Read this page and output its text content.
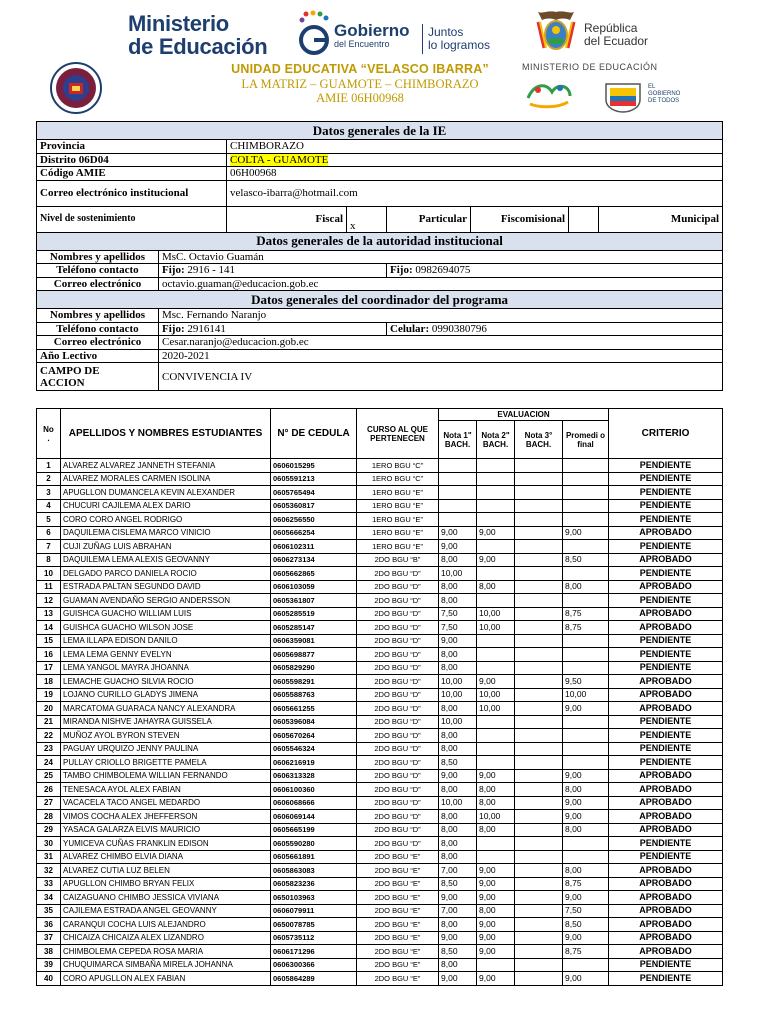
Ministerio
de Educación
Gobierno
del Encuentro
Juntos
lo logramos
República
del Ecuador
MINISTERIO DE EDUCACIÓN
UNIDAD EDUCATIVA “VELASCO IBARRA”
LA MATRIZ – GUAMOTE – CHIMBORAZO
AMIE 06H00968
EL
GOBIERNO
DE TODOS
Datos generales de la IE							
Provincia		CHIMBORAZO					
Distrito 06D04		COLTA - GUAMOTE					
Código AMIE		06H00968					
Correo electrónico institucional		velasco-ibarra@hotmail.com					
Nivel de sostenimiento		Fiscal	x	Particular	Fiscomisional		Municipal
Datos generales de la autoridad institucional							
Nombres y apellidos	MsC. Octavio Guamán						
Teléfono contacto	Fijo: 2916 - 141			Fijo: 0982694075			
Correo electrónico	octavio.guaman@educacion.gob.ec						
Datos generales del coordinador del programa							
Nombres y apellidos	Msc. Fernando Naranjo						
Teléfono contacto	Fijo: 2916141			Celular: 0990380796			
Correo electrónico	Cesar.naranjo@educacion.gob.ec						
Año Lectivo	2020-2021						

CAMPO DE
ACCION	CONVIVENCIA IV						
No
.	APELLIDOS Y NOMBRES ESTUDIANTES	N° DE CEDULA	CURSO AL QUE PERTENECEN	EVALUACION				CRITERIO
				Nota 1" BACH.	Nota 2" BACH.	Nota 3° BACH.	Promedi o final	
1	ALVAREZ ALVAREZ JANNETH STEFANIA	0606015295	1ERO BGU “C”					PENDIENTE
2	ALVAREZ MORALES CARMEN ISOLINA	0605591213	1ERO BGU “C”					PENDIENTE
3	APUGLLON DUMANCELA KEVIN ALEXANDER	0605765494	1ERO BGU “E”					PENDIENTE
4	CHUCURI CAJILEMA ALEX DARIO	0605360817	1ERO BGU “E”					PENDIENTE
5	CORO CORO ANGEL RODRIGO	0606256550	1ERO BGU “E”					PENDIENTE
6	DAQUILEMA CISLEMA MARCO VINICIO	0605666254	1ERO BGU “E”	9,00	9,00		9,00	APROBADO
7	CUJI ZUÑAG LUIS ABRAHAN	0606102311	1ERO BGU “E”	9,00				PENDIENTE
8	DAQUILEMA LEMA ALEXIS GEOVANNY	0606273134	2DO BGU “B”	8,00	9,00		8,50	APROBADO
10	DELGADO PARCO DANIELA ROCIO	0605662865	2DO BGU “D”	10,00				PENDIENTE
11	ESTRADA PALTAN SEGUNDO DAVID	0606103059	2DO BGU “D”	8,00	8,00		8,00	APROBADO
12	GUAMAN AVENDAÑO SERGIO ANDERSSON	0605361807	2DO BGU “D”	8,00				PENDIENTE
13	GUISHCA GUACHO WILLIAM LUIS	0605285519	2DO BGU “D”	7,50	10,00		8,75	APROBADO
14	GUISHCA GUACHO WILSON JOSE	0605285147	2DO BGU “D”	7,50	10,00		8,75	APROBADO
15	LEMA ILLAPA EDISON DANILO	0606359081	2DO BGU “D”	9,00				PENDIENTE
16	LEMA LEMA GENNY EVELYN	0605698877	2DO BGU “D”	8,00				PENDIENTE
17	LEMA YANGOL MAYRA JHOANNA	0605829290	2DO BGU “D”	8,00				PENDIENTE
18	LEMACHE GUACHO SILVIA ROCIO	0605598291	2DO BGU “D”	10,00	9,00		9,50	APROBADO
19	LOJANO CURILLO GLADYS JIMENA	0605588763	2DO BGU “D”	10,00	10,00		10,00	APROBADO
20	MARCATOMA GUARACA NANCY ALEXANDRA	0605661255	2DO BGU “D”	8,00	10,00		9,00	APROBADO
21	MIRANDA NISHVE JAHAYRA GUISSELA	0605396084	2DO BGU “D”	10,00				PENDIENTE
22	MUÑOZ AYOL BYRON STEVEN	0605670264	2DO BGU “D”	8,00				PENDIENTE
23	PAGUAY URQUIZO JENNY PAULINA	0605546324	2DO BGU “D”	8,00				PENDIENTE
24	PULLAY CRIOLLO BRIGETTE PAMELA	0606216919	2DO BGU “D”	8,50				PENDIENTE
25	TAMBO CHIMBOLEMA WILLIAN FERNANDO	0606313328	2DO BGU “D”	9,00	9,00		9,00	APROBADO
26	TENESACA AYOL ALEX FABIAN	0606100360	2DO BGU “D”	8,00	8,00		8,00	APROBADO
27	VACACELA TACO ANGEL MEDARDO	0606068666	2DO BGU “D”	10,00	8,00		9,00	APROBADO
28	VIMOS COCHA ALEX JHEFFERSON	0606069144	2DO BGU “D”	8,00	10,00		9,00	APROBADO
29	YASACA GALARZA ELVIS MAURICIO	0605665199	2DO BGU “D”	8,00	8,00		8,00	APROBADO
30	YUMICEVA CUÑAS FRANKLIN EDISON	0605590280	2DO BGU “D”	8,00				PENDIENTE
31	ALVAREZ CHIMBO ELVIA DIANA	0605661891	2DO BGU “E”	8,00				PENDIENTE
32	ALVAREZ CUTIA LUZ BELEN	0605863083	2DO BGU “E”	7,00	9,00		8,00	APROBADO
33	APUGLLON CHIMBO BRYAN FELIX	0605823236	2DO BGU “E”	8,50	9,00		8,75	APROBADO
34	CAIZAGUANO CHIMBO JESSICA VIVIANA	0650103963	2DO BGU “E”	9,00	9,00		9,00	APROBADO
35	CAJILEMA ESTRADA ANGEL GEOVANNY	0606079911	2DO BGU “E”	7,00	8,00		7,50	APROBADO
36	CARANQUI COCHA LUIS ALEJANDRO	0650078785	2DO BGU “E”	8,00	9,00		8,50	APROBADO
37	CHICAIZA CHICAIZA ALEX LIZANDRO	0605735112	2DO BGU “E”	9,00	9,00		9,00	APROBADO
38	CHIMBOLEMA CEPEDA ROSA MARIA	0606171296	2DO BGU “E”	8,50	9,00		8,75	APROBADO
39	CHUQUIMARCA SIMBAÑA MIRELA JOHANNA	0606300366	2DO BGU “E”	8,00				PENDIENTE
40	CORO APUGLLON ALEX FABIAN	0605864289	2DO BGU “E”	9,00	9,00		9,00	PENDIENTE
